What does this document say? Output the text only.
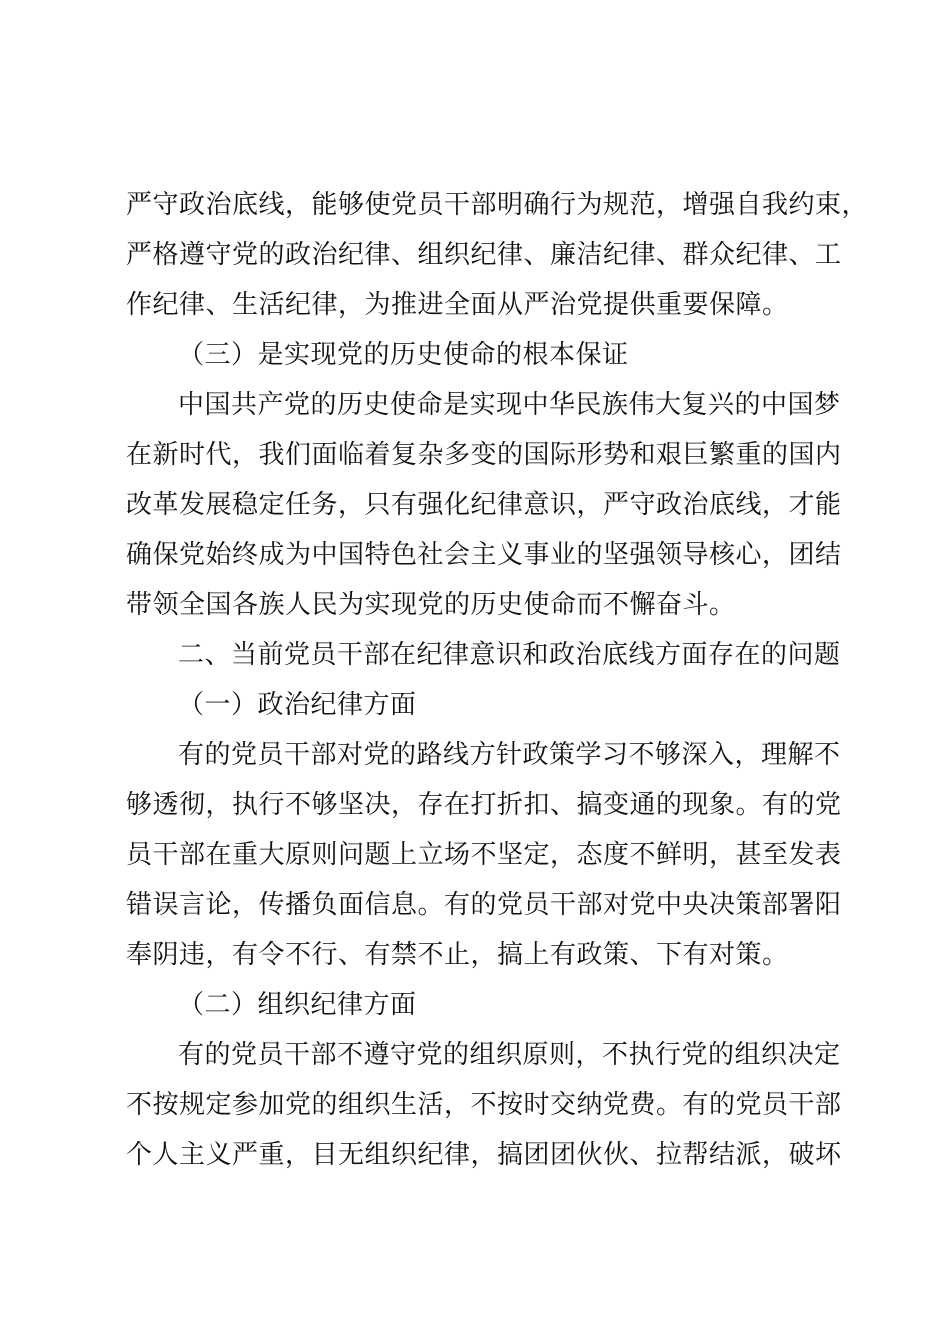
严守政治底线，能够使党员干部明确行为规范，增强自我约束，
严格遵守党的政治纪律、组织纪律、廉洁纪律、群众纪律、工
作纪律、生活纪律，为推进全面从严治党提供重要保障。
（三）是实现党的历史使命的根本保证
中国共产党的历史使命是实现中华民族伟大复兴的中国梦
在新时代，我们面临着复杂多变的国际形势和艰巨繁重的国内
改革发展稳定任务，只有强化纪律意识，严守政治底线，才能
确保党始终成为中国特色社会主义事业的坚强领导核心，团结
带领全国各族人民为实现党的历史使命而不懈奋斗。
二、当前党员干部在纪律意识和政治底线方面存在的问题
（一）政治纪律方面
有的党员干部对党的路线方针政策学习不够深入，理解不
够透彻，执行不够坚决，存在打折扣、搞变通的现象。有的党
员干部在重大原则问题上立场不坚定，态度不鲜明，甚至发表
错误言论，传播负面信息。有的党员干部对党中央决策部署阳
奉阴违，有令不行、有禁不止，搞上有政策、下有对策。
（二）组织纪律方面
有的党员干部不遵守党的组织原则，不执行党的组织决定
不按规定参加党的组织生活，不按时交纳党费。有的党员干部
个人主义严重，目无组织纪律，搞团团伙伙、拉帮结派，破坏
